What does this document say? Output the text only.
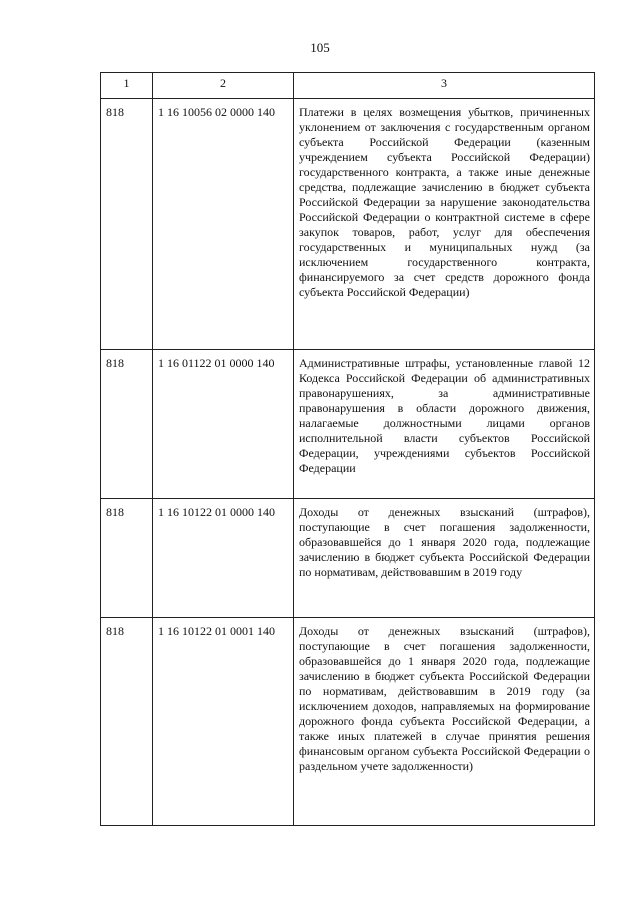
105
1	2	3
818	1 16 10056 02 0000 140	Платежи в целях возмещения убытков, причиненных уклонением от заключения с государственным органом субъекта Российской Федерации (казенным учреждением субъекта Российской Федерации) государственного контракта, а также иные денежные средства, подлежащие зачислению в бюджет субъекта Российской Федерации за нарушение законодательства Российской Федерации о контрактной системе в сфере закупок товаров, работ, услуг для обеспечения государственных и муниципальных нужд (за исключением государственного контракта, финансируемого за счет средств дорожного фонда субъекта Российской Федерации)
818	1 16 01122 01 0000 140	Административные штрафы, установленные главой 12 Кодекса Российской Федерации об административных правонарушениях, за административные правонарушения в области дорожного движения, налагаемые должностными лицами органов исполнительной власти субъектов Российской Федерации, учреждениями субъектов Российской Федерации
818	1 16 10122 01 0000 140	Доходы от денежных взысканий (штрафов), поступающие в счет погашения задолженности, образовавшейся до 1 января 2020 года, подлежащие зачислению в бюджет субъекта Российской Федерации по нормативам, действовавшим в 2019 году
818	1 16 10122 01 0001 140	Доходы от денежных взысканий (штрафов), поступающие в счет погашения задолженности, образовавшейся до 1 января 2020 года, подлежащие зачислению в бюджет субъекта Российской Федерации по нормативам, действовавшим в 2019 году (за исключением доходов, направляемых на формирование дорожного фонда субъекта Российской Федерации, а также иных платежей в случае принятия решения финансовым органом субъекта Российской Федерации о раздельном учете задолженности)
